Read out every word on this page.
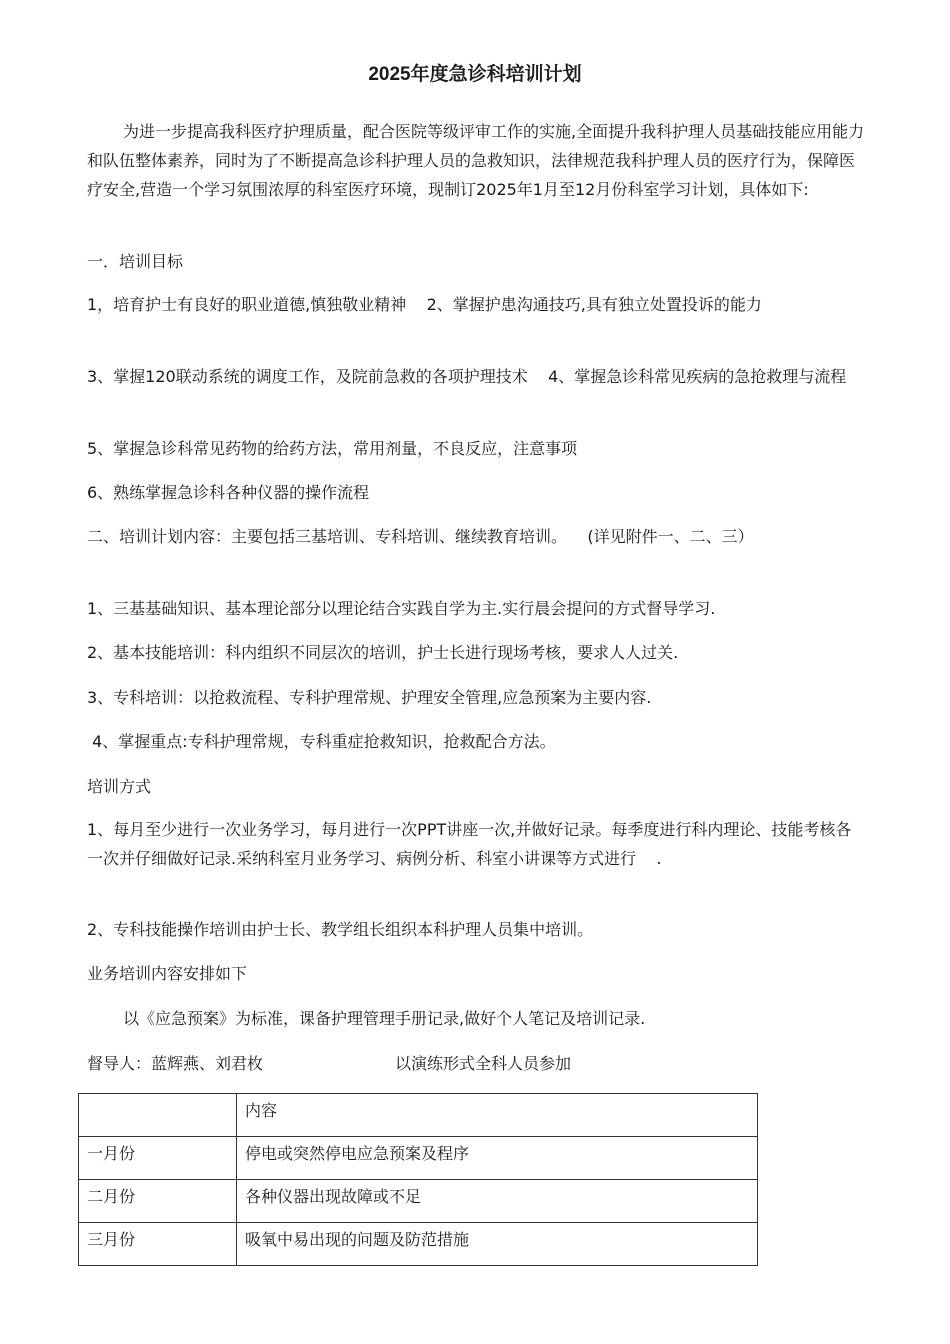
2025年度急诊科培训计划

为进一步提高我科医疗护理质量，配合医院等级评审工作的实施,全面提升我科护理人员基础技能应用能力和队伍整体素养，同时为了不断提高急诊科护理人员的急救知识，法律规范我科护理人员的医疗行为，保障医疗安全,营造一个学习氛围浓厚的科室医疗环境，现制订2025年1月至12月份科室学习计划，具体如下:

一．培训目标

1，培育护士有良好的职业道德,慎独敬业精神    2、掌握护患沟通技巧,具有独立处置投诉的能力

3、掌握120联动系统的调度工作，及院前急救的各项护理技术    4、掌握急诊科常见疾病的急抢救理与流程

5、掌握急诊科常见药物的给药方法，常用剂量，不良反应，注意事项

6、熟练掌握急诊科各种仪器的操作流程

二、培训计划内容：主要包括三基培训、专科培训、继续教育培训。    (详见附件一、二、三）

1、三基基础知识、基本理论部分以理论结合实践自学为主.实行晨会提问的方式督导学习.

2、基本技能培训：科内组织不同层次的培训，护士长进行现场考核，要求人人过关.

3、专科培训：以抢救流程、专科护理常规、护理安全管理,应急预案为主要内容.

4、掌握重点:专科护理常规，专科重症抢救知识，抢救配合方法。

培训方式

1、每月至少进行一次业务学习，每月进行一次PPT讲座一次,并做好记录。每季度进行科内理论、技能考核各一次并仔细做好记录.采纳科室月业务学习、病例分析、科室小讲课等方式进行    .

2、专科技能操作培训由护士长、教学组长组织本科护理人员集中培训。

业务培训内容安排如下

以《应急预案》为标准，课备护理管理手册记录,做好个人笔记及培训记录.

督导人：蓝辉燕、刘君枚	以演练形式全科人员参加
	内容
一月份	停电或突然停电应急预案及程序
二月份	各种仪器出现故障或不足
三月份	吸氧中易出现的问题及防范措施
